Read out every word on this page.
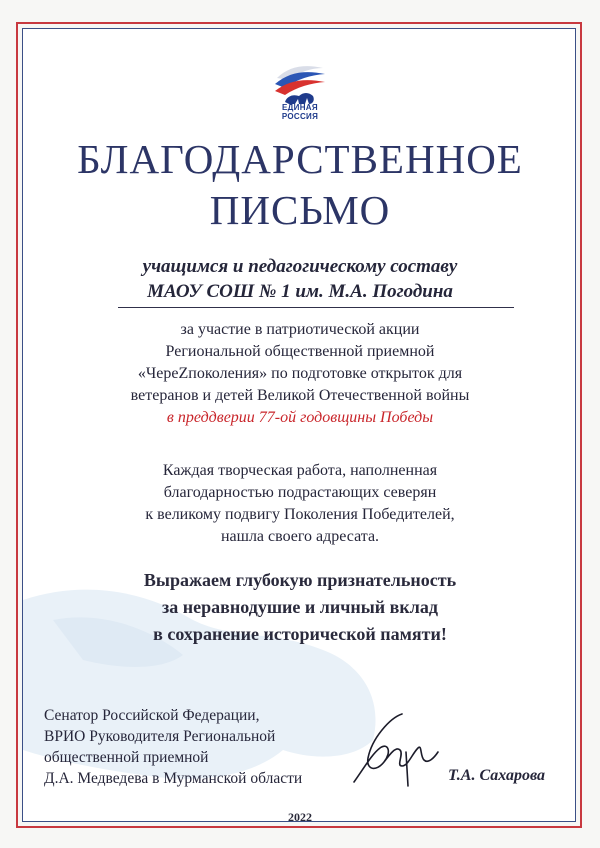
ЕДИНАЯ
РОССИЯ
БЛАГОДАРСТВЕННОЕ
ПИСЬМО
учащимся и педагогическому составу
МАОУ СОШ № 1 им. М.А. Погодина
за участие в патриотической акции
Региональной общественной приемной
«ЧереZпоколения» по подготовке открыток для
ветеранов и детей Великой Отечественной войны
в преддверии 77-ой годовщины Победы
Каждая творческая работа, наполненная
благодарностью подрастающих северян
к великому подвигу Поколения Победителей,
нашла своего адресата.
Выражаем глубокую признательность
за неравнодушие и личный вклад
в сохранение исторической памяти!
Сенатор Российской Федерации,
ВРИО Руководителя Региональной
общественной приемной
Д.А. Медведева в Мурманской области	Т.А. Сахарова
2022
